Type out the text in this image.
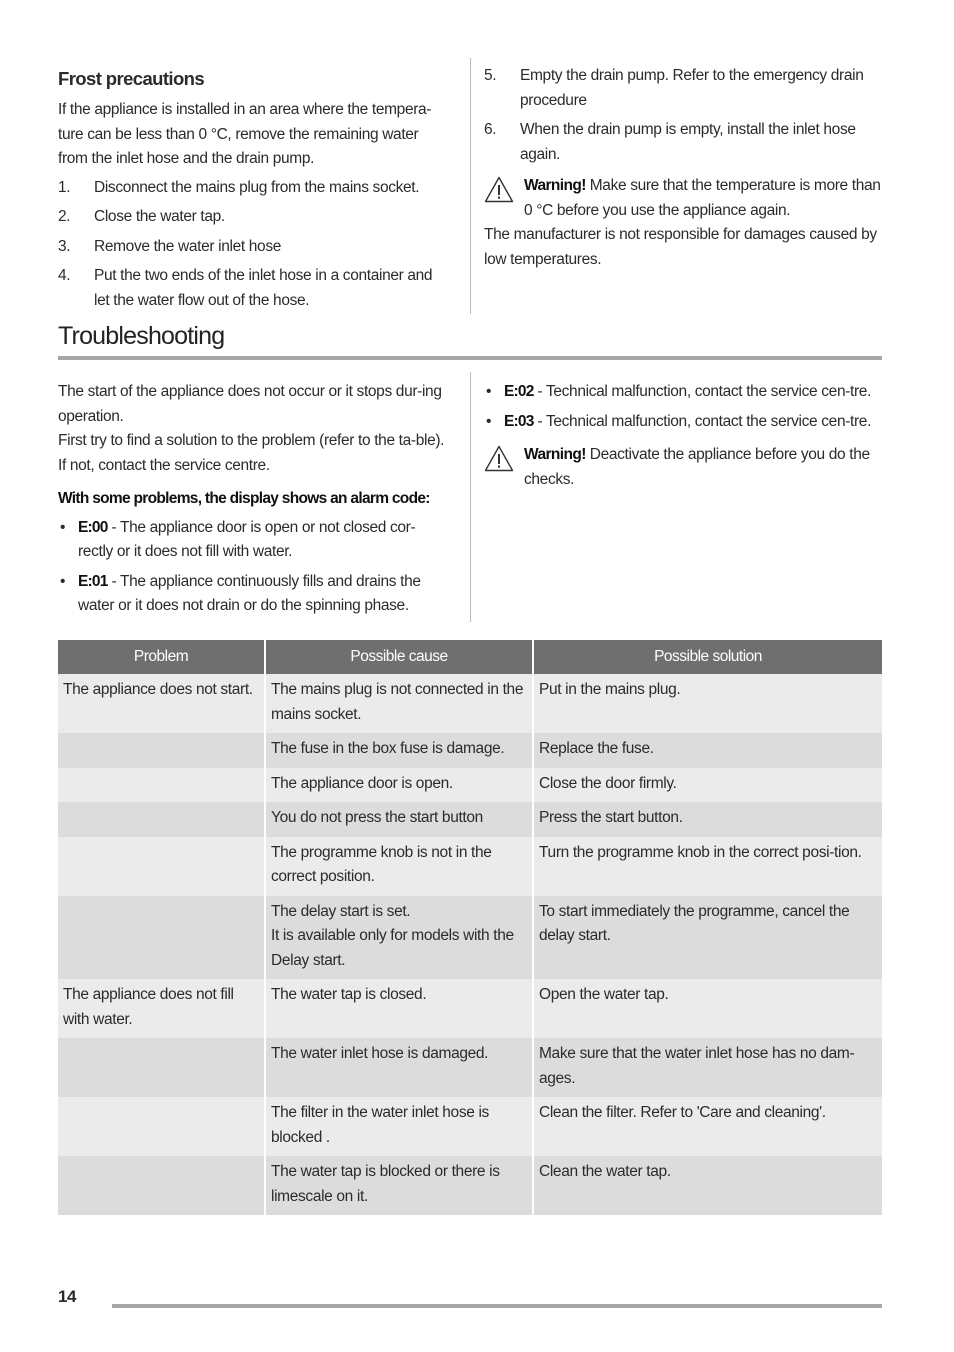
Frost precautions

If the appliance is installed in an area where the tempera-ture can be less than 0 °C, remove the remaining water from the inlet hose and the drain pump.

1. Disconnect the mains plug from the mains socket.
2. Close the water tap.
3. Remove the water inlet hose
4. Put the two ends of the inlet hose in a container and let the water flow out of the hose.
5. Empty the drain pump. Refer to the emergency drain procedure
6. When the drain pump is empty, install the inlet hose again.
Warning! Make sure that the temperature is more than 0 °C before you use the appliance again.

The manufacturer is not responsible for damages caused by low temperatures.

Troubleshooting

The start of the appliance does not occur or it stops dur-ing operation.

First try to find a solution to the problem (refer to the ta-ble). If not, contact the service centre.

With some problems, the display shows an alarm code:

• E:00 - The appliance door is open or not closed cor-rectly or it does not fill with water.
• E:01 - The appliance continuously fills and drains the water or it does not drain or do the spinning phase.
• E:02 - Technical malfunction, contact the service cen-tre.
• E:03 - Technical malfunction, contact the service cen-tre.
Warning! Deactivate the appliance before you do the checks.
Problem	Possible cause	Possible solution
The appliance does not start.	The mains plug is not connected in the mains socket.	Put in the mains plug.
	The fuse in the box fuse is damage.	Replace the fuse.
	The appliance door is open.	Close the door firmly.
	You do not press the start button	Press the start button.
	The programme knob is not in the correct position.	Turn the programme knob in the correct posi-tion.
	The delay start is set.
It is available only for models with the Delay start.	To start immediately the programme, cancel the delay start.
The appliance does not fill with water.	The water tap is closed.	Open the water tap.
	The water inlet hose is damaged.	Make sure that the water inlet hose has no dam-ages.
	The filter in the water inlet hose is blocked .	Clean the filter. Refer to 'Care and cleaning'.
	The water tap is blocked or there is limescale on it.	Clean the water tap.
14
